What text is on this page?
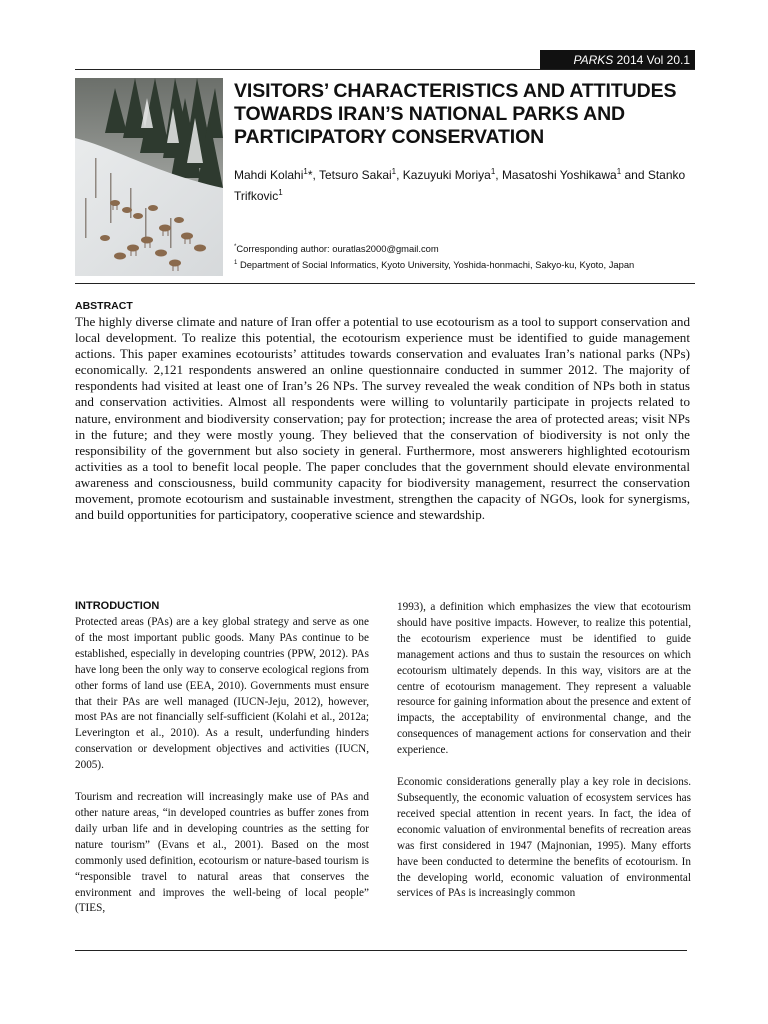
PARKS 2014 Vol 20.1
VISITORS’ CHARACTERISTICS AND ATTITUDES TOWARDS IRAN’S NATIONAL PARKS AND PARTICIPATORY CONSERVATION
Mahdi Kolahi$^1$*, Tetsuro Sakai$^1$, Kazuyuki Moriya$^1$, Masatoshi Yoshikawa$^1$ and Stanko Trifkovic$^1$
*Corresponding author: ouratlas2000@gmail.com
$^1$ Department of Social Informatics, Kyoto University, Yoshida-honmachi, Sakyo-ku, Kyoto, Japan
ABSTRACT

The highly diverse climate and nature of Iran offer a potential to use ecotourism as a tool to support conservation and local development. To realize this potential, the ecotourism experience must be identified to guide management actions. This paper examines ecotourists’ attitudes towards conservation and evaluates Iran’s national parks (NPs) economically. 2,121 respondents answered an online questionnaire conducted in summer 2012. The majority of respondents had visited at least one of Iran’s 26 NPs. The survey revealed the weak condition of NPs both in status and conservation activities. Almost all respondents were willing to voluntarily participate in projects related to nature, environment and biodiversity conservation; pay for protection; increase the area of protected areas; visit NPs in the future; and they were mostly young. They believed that the conservation of biodiversity is not only the responsibility of the government but also society in general. Furthermore, most answerers highlighted ecotourism activities as a tool to benefit local people. The paper concludes that the government should elevate environmental awareness and consciousness, build community capacity for biodiversity management, resurrect the conservation movement, promote ecotourism and sustainable investment, strengthen the capacity of NGOs, look for synergisms, and build opportunities for participatory, cooperative science and stewardship.

INTRODUCTION

Protected areas (PAs) are a key global strategy and serve as one of the most important public goods. Many PAs continue to be established, especially in developing countries (PPW, 2012). PAs have long been the only way to conserve ecological regions from other forms of land use (EEA, 2010). Governments must ensure that their PAs are well managed (IUCN-Jeju, 2012), however, most PAs are not financially self-sufficient (Kolahi et al., 2012a; Leverington et al., 2010). As a result, underfunding hinders conservation or development objectives and activities (IUCN, 2005).

Tourism and recreation will increasingly make use of PAs and other nature areas, “in developed countries as buffer zones from daily urban life and in developing countries as the setting for nature tourism” (Evans et al., 2001). Based on the most commonly used definition, ecotourism or nature-based tourism is “responsible travel to natural areas that conserves the environment and improves the well-being of local people” (TIES,

1993), a definition which emphasizes the view that ecotourism should have positive impacts. However, to realize this potential, the ecotourism experience must be identified to guide management actions and thus to sustain the resources on which ecotourism ultimately depends. In this way, visitors are at the centre of ecotourism management. They represent a valuable resource for gaining information about the presence and extent of impacts, the acceptability of environmental change, and the consequences of management actions for conservation and their experience.

Economic considerations generally play a key role in decisions. Subsequently, the economic valuation of ecosystem services has received special attention in recent years. In fact, the idea of economic valuation of environmental benefits of recreation areas was first considered in 1947 (Majnonian, 1995). Many efforts have been conducted to determine the benefits of ecotourism. In the developing world, economic valuation of environmental services of PAs is increasingly common
